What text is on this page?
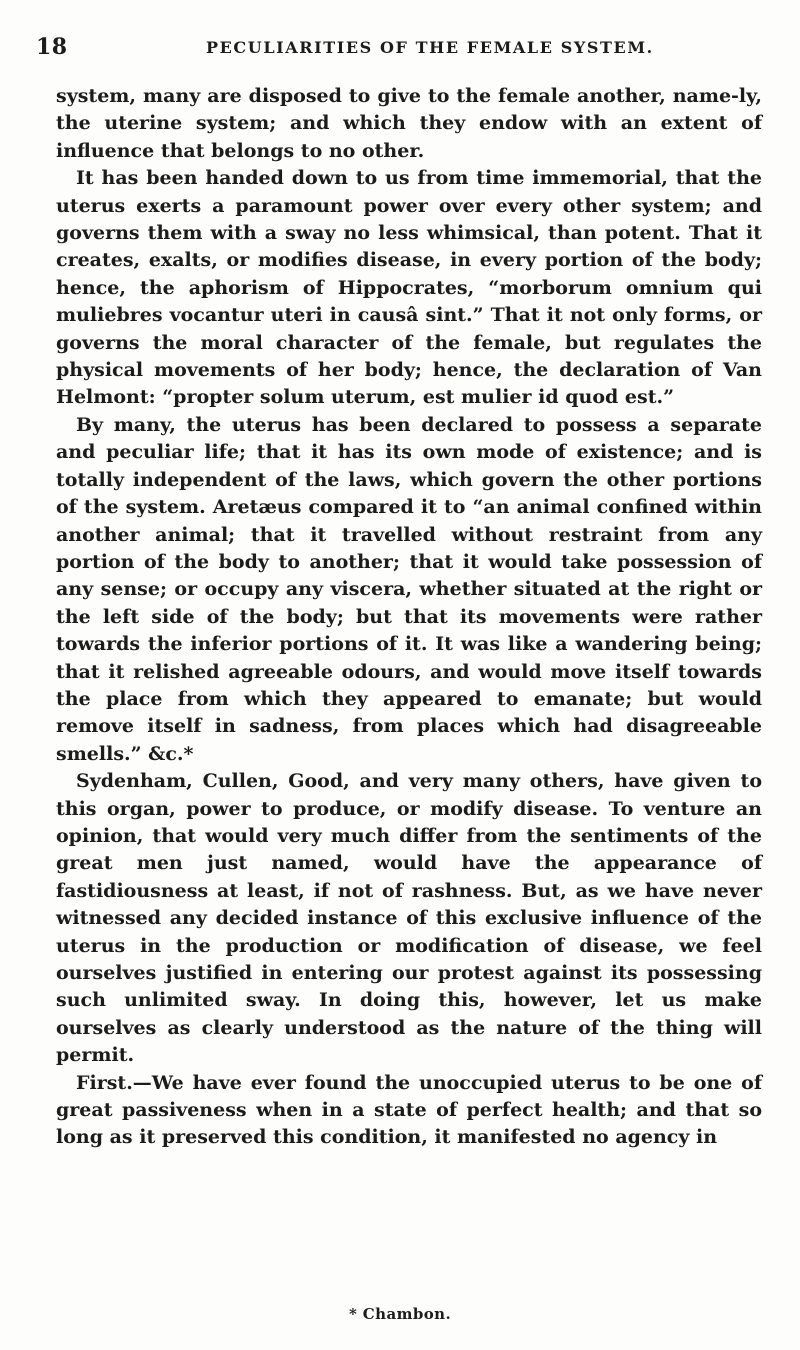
18	PECULIARITIES OF THE FEMALE SYSTEM.

system, many are disposed to give to the female another, name-ly, the uterine system; and which they endow with an extent of influence that belongs to no other.

It has been handed down to us from time immemorial, that the uterus exerts a paramount power over every other system; and governs them with a sway no less whimsical, than potent. That it creates, exalts, or modifies disease, in every portion of the body; hence, the aphorism of Hippocrates, “morborum omnium qui muliebres vocantur uteri in causâ sint.” That it not only forms, or governs the moral character of the female, but regulates the physical movements of her body; hence, the declaration of Van Helmont: “propter solum uterum, est mulier id quod est.”

By many, the uterus has been declared to possess a separate and peculiar life; that it has its own mode of existence; and is totally independent of the laws, which govern the other portions of the system. Aretæus compared it to “an animal confined within another animal; that it travelled without restraint from any portion of the body to another; that it would take possession of any sense; or occupy any viscera, whether situated at the right or the left side of the body; but that its movements were rather towards the inferior portions of it. It was like a wandering being; that it relished agreeable odours, and would move itself towards the place from which they appeared to emanate; but would remove itself in sadness, from places which had disagreeable smells.” &c.*

Sydenham, Cullen, Good, and very many others, have given to this organ, power to produce, or modify disease. To venture an opinion, that would very much differ from the sentiments of the great men just named, would have the appearance of fastidiousness at least, if not of rashness. But, as we have never witnessed any decided instance of this exclusive influence of the uterus in the production or modification of disease, we feel ourselves justified in entering our protest against its possessing such unlimited sway. In doing this, however, let us make ourselves as clearly understood as the nature of the thing will permit.

First.—We have ever found the unoccupied uterus to be one of great passiveness when in a state of perfect health; and that so long as it preserved this condition, it manifested no agency in

* Chambon.
